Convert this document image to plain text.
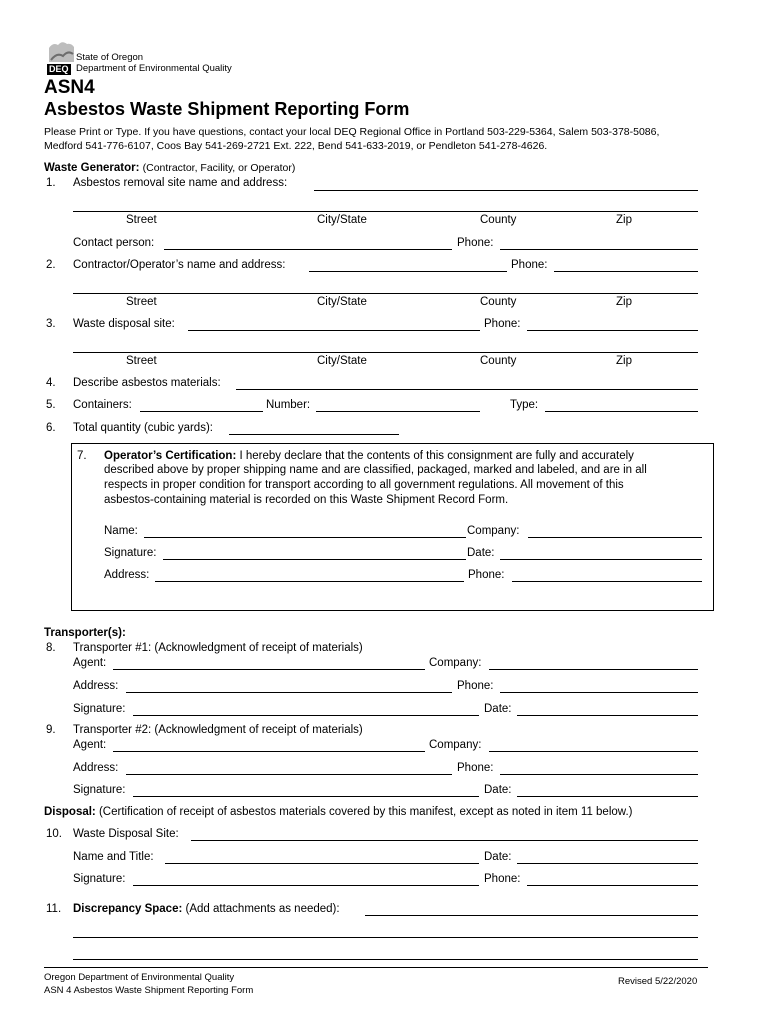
State of Oregon
DEQ Department of Environmental Quality
ASN4
Asbestos Waste Shipment Reporting Form
Please Print or Type. If you have questions, contact your local DEQ Regional Office in Portland 503-229-5364, Salem 503-378-5086,
Medford 541-776-6107, Coos Bay 541-269-2721 Ext. 222, Bend 541-633-2019, or Pendleton 541-278-4626.
Waste Generator: (Contractor, Facility, or Operator)
1. Asbestos removal site name and address:
Street	City/State	County	Zip
Contact person:	Phone:
2. Contractor/Operator’s name and address:	Phone:
Street	City/State	County	Zip
3. Waste disposal site:	Phone:
Street	City/State	County	Zip
4. Describe asbestos materials:
5. Containers:	Number:	Type:
6. Total quantity (cubic yards):
7. Operator’s Certification: I hereby declare that the contents of this consignment are fully and accurately
described above by proper shipping name and are classified, packaged, marked and labeled, and are in all
respects in proper condition for transport according to all government regulations. All movement of this
asbestos-containing material is recorded on this Waste Shipment Record Form.
Name:	Company:
Signature:	Date:
Address:	Phone:
Transporter(s):
8. Transporter #1: (Acknowledgment of receipt of materials)
Agent:	Company:
Address:	Phone:
Signature:	Date:
9. Transporter #2: (Acknowledgment of receipt of materials)
Agent:	Company:
Address:	Phone:
Signature:	Date:
Disposal: (Certification of receipt of asbestos materials covered by this manifest, except as noted in item 11 below.)
10. Waste Disposal Site:
Name and Title:	Date:
Signature:	Phone:
11. Discrepancy Space: (Add attachments as needed):
Oregon Department of Environmental Quality
ASN 4 Asbestos Waste Shipment Reporting Form
Revised 5/22/2020
